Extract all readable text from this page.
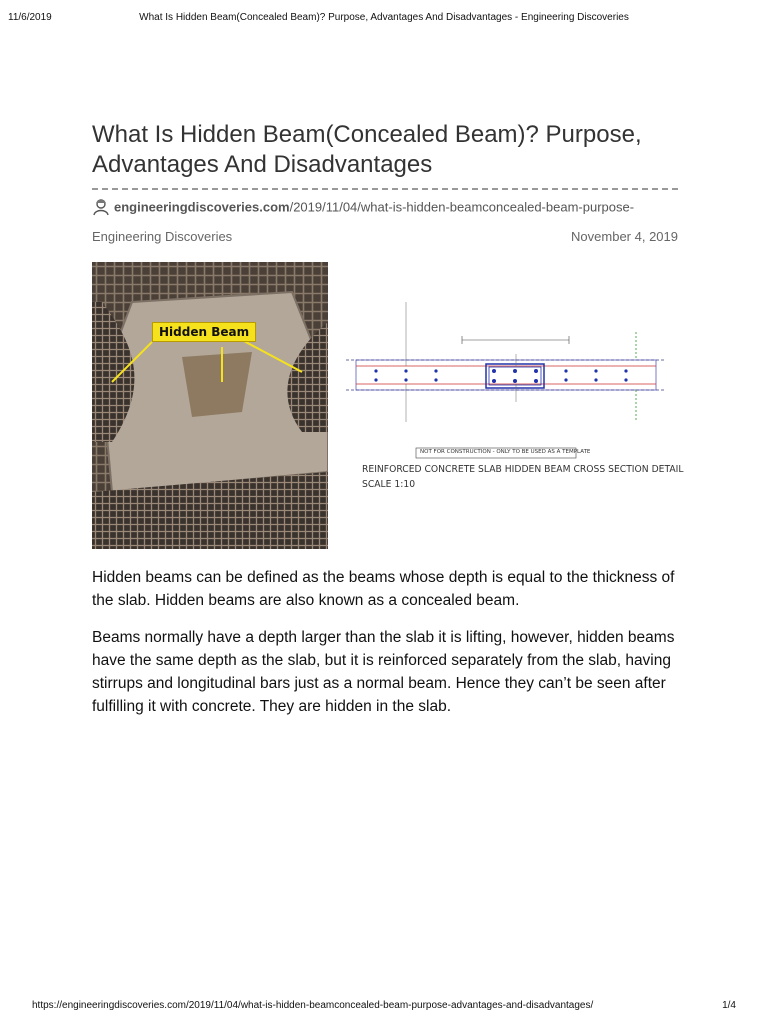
11/6/2019	What Is Hidden Beam(Concealed Beam)? Purpose, Advantages And Disadvantages - Engineering Discoveries
What Is Hidden Beam(Concealed Beam)? Purpose, Advantages And Disadvantages
engineeringdiscoveries.com/2019/11/04/what-is-hidden-beamconcealed-beam-purpose-
Engineering Discoveries	November 4, 2019
Hidden Beam
NOT FOR CONSTRUCTION - ONLY TO BE USED AS A TEMPLATE
REINFORCED CONCRETE SLAB HIDDEN BEAM CROSS SECTION DETAIL
SCALE 1:10

Hidden beams can be defined as the beams whose depth is equal to the thickness of the slab. Hidden beams are also known as a concealed beam.

Beams normally have a depth larger than the slab it is lifting, however, hidden beams have the same depth as the slab, but it is reinforced separately from the slab, having stirrups and longitudinal bars just as a normal beam. Hence they can’t be seen after fulfilling it with concrete. They are hidden in the slab.

https://engineeringdiscoveries.com/2019/11/04/what-is-hidden-beamconcealed-beam-purpose-advantages-and-disadvantages/	1/4
